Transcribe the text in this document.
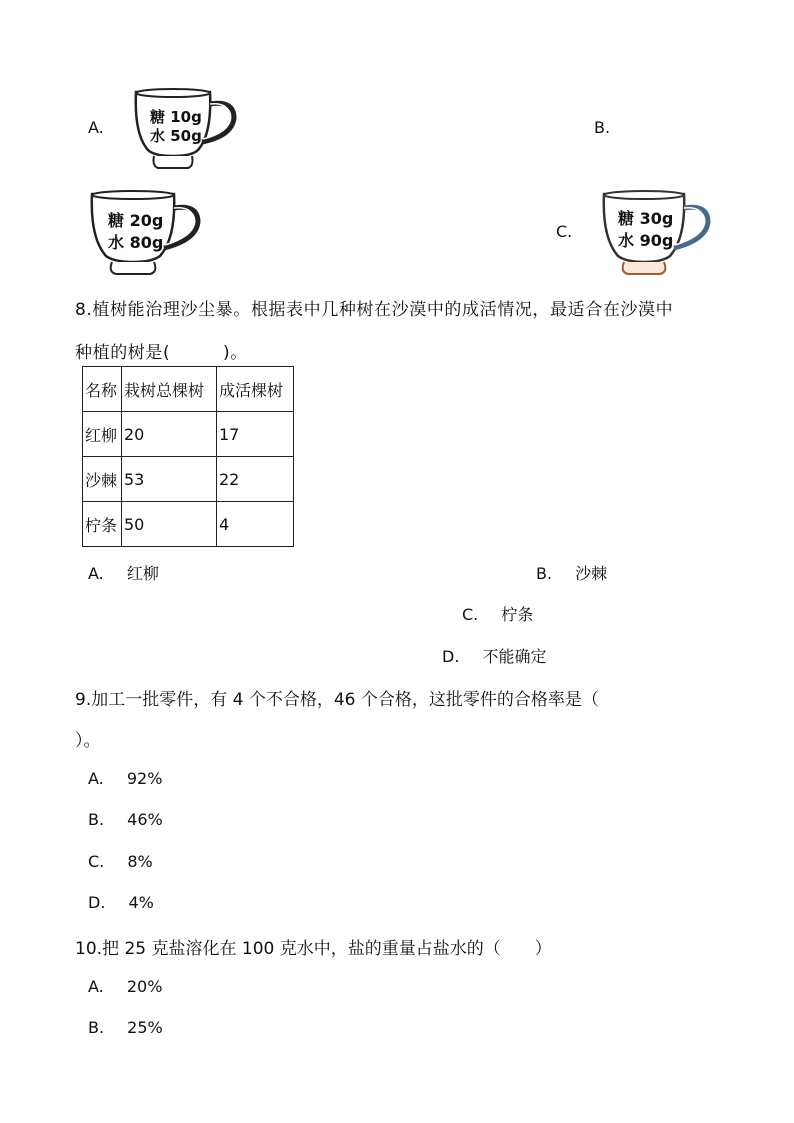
A.
糖 10g
水 50g	B.
糖 20g
水 80g
C.
糖 30g
水 90g
8.植树能治理沙尘暴。根据表中几种树在沙漠中的成活情况，最适合在沙漠中
种植的树是(　　　)。
名称	栽树总棵树	成活棵树
红柳	20	17
沙棘	53	22
柠条	50	4
A. 红柳	B. 沙棘
C. 柠条
D. 不能确定
9.加工一批零件，有 4 个不合格，46 个合格，这批零件的合格率是（
）。
A. 92%
B. 46%
C. 8%
D. 4%
10.把 25 克盐溶化在 100 克水中，盐的重量占盐水的（　　）
A. 20%
B. 25%
